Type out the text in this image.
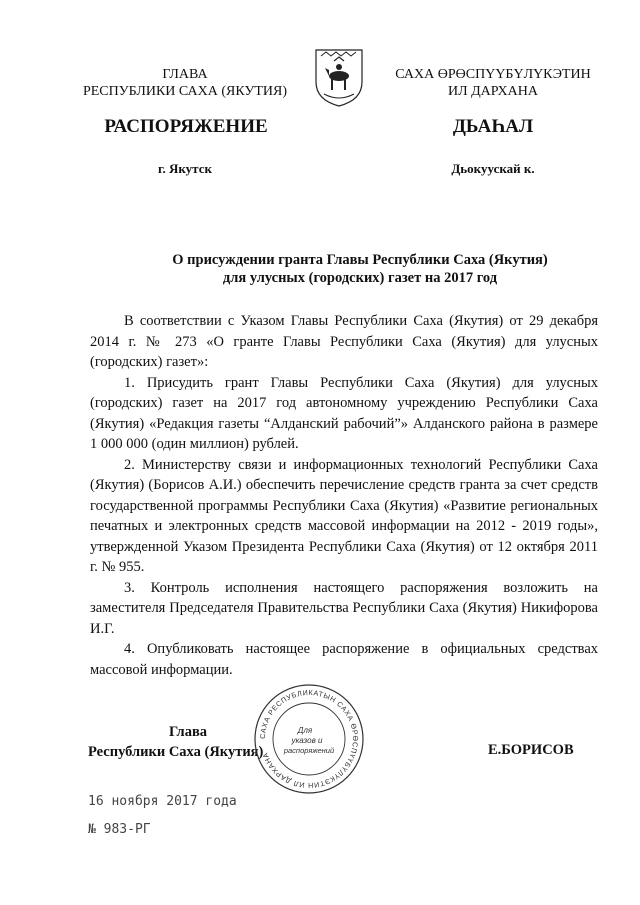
ГЛАВА
РЕСПУБЛИКИ САХА (ЯКУТИЯ)
САХА ӨРӨСПҮҮБҮЛҮКЭТИН
ИЛ ДАРХАНА
РАСПОРЯЖЕНИЕ	ДЬАҺАЛ
г. Якутск	Дьокуускай к.
О присуждении гранта Главы Республики Саха (Якутия)
для улусных (городских) газет на 2017 год

В соответствии с Указом Главы Республики Саха (Якутия) от 29 декабря 2014 г. № 273 «О гранте Главы Республики Саха (Якутия) для улусных (городских) газет»:

1. Присудить грант Главы Республики Саха (Якутия) для улусных (городских) газет на 2017 год автономному учреждению Республики Саха (Якутия) «Редакция газеты “Алданский рабочий”» Алданского района в размере 1 000 000 (один миллион) рублей.

2. Министерству связи и информационных технологий Республики Саха (Якутия) (Борисов А.И.) обеспечить перечисление средств гранта за счет средств государственной программы Республики Саха (Якутия) «Развитие региональных печатных и электронных средств массовой информации на 2012 - 2019 годы», утвержденной Указом Президента Республики Саха (Якутия) от 12 октября 2011 г. № 955.

3. Контроль исполнения настоящего распоряжения возложить на заместителя Председателя Правительства Республики Саха (Якутия) Никифорова И.Г.

4. Опубликовать настоящее распоряжение в официальных средствах массовой информации.

Глава
Республики Саха (Якутия)
САХА РЕСПУБЛИКАТЫН САХА ӨРӨСПҮҮБҮЛҮКЭТИН ИЛ ДАРХАНА
Для
указов и
распоряжений	Е.БОРИСОВ
16 ноября 2017 года
№ 983-РГ
